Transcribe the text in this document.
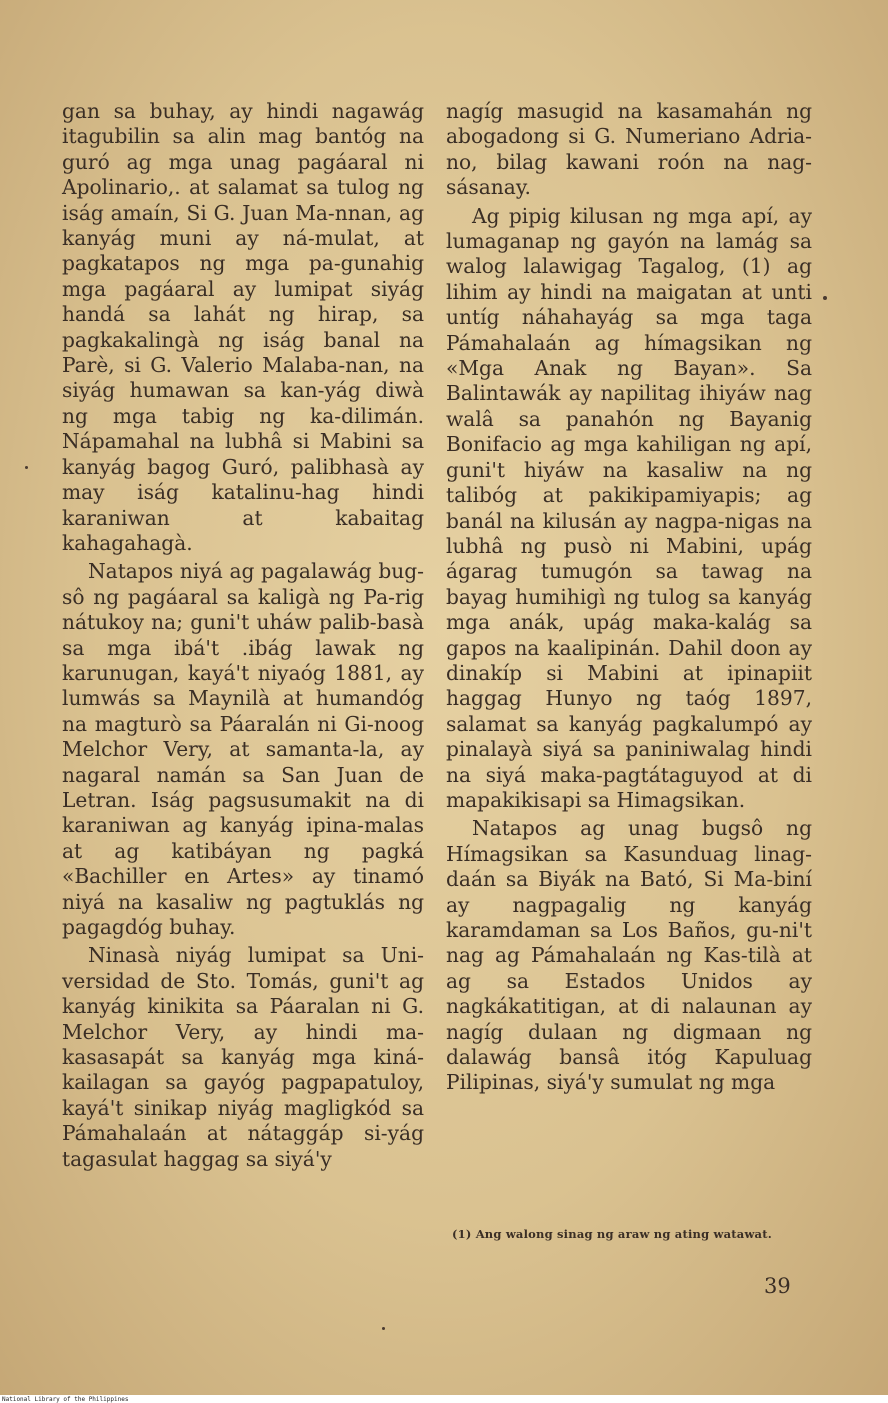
gan sa buhay, ay hindi nagawág itagubilin sa alin mag bantóg na guró ag mga unag pagáaral ni Apolinario,. at salamat sa tulog ng iság amaín, Si G. Juan Ma-nnan, ag kanyág muni ay ná-mulat, at pagkatapos ng mga pa-gunahig mga pagáaral ay lumipat siyág handá sa lahát ng hirap, sa pagkakalingà ng iság banal na Parè, si G. Valerio Malaba-nan, na siyág humawan sa kan-yág diwà ng mga tabig ng ka-dilimán. Nápamahal na lubhâ si Mabini sa kanyág bagog Guró, palibhasà ay may iság katalinu-hag hindi karaniwan at kabaitag kahagahagà.

Natapos niyá ag pagalawág bug-sô ng pagáaral sa kaligà ng Pa-rig nátukoy na; guni't uháw palib-basà sa mga ibá't .ibág lawak ng karunugan, kayá't niyaóg 1881, ay lumwás sa Maynilà at humandóg na magturò sa Páaralán ni Gi-noog Melchor Very, at samanta-la, ay nagaral namán sa San Juan de Letran. Iság pagsusumakit na di karaniwan ag kanyág ipina-malas at ag katibáyan ng pagká «Bachiller en Artes» ay tinamó niyá na kasaliw ng pagtuklás ng pagagdóg buhay.

Ninasà niyág lumipat sa Uni-versidad de Sto. Tomás, guni't ag kanyág kinikita sa Páaralan ni G. Melchor Very, ay hindi ma-kasasapát sa kanyág mga kiná-kailagan sa gayóg pagpapatuloy, kayá't sinikap niyág magligkód sa Pámahalaán at nátaggáp si-yág tagasulat haggag sa siyá'y

nagíg masugid na kasamahán ng abogadong si G. Numeriano Adria-no, bilag kawani roón na nag-sásanay.

Ag pipig kilusan ng mga apí, ay lumaganap ng gayón na lamág sa walog lalawigag Tagalog, (1) ag lihim ay hindi na maigatan at unti untíg náhahayág sa mga taga Pámahalaán ag hímagsikan ng «Mga Anak ng Bayan». Sa Balintawák ay napilitag ihiyáw nag walâ sa panahón ng Bayanig Bonifacio ag mga kahiligan ng apí, guni't hiyáw na kasaliw na ng talibóg at pakikipamiyapis; ag banál na kilusán ay nagpa-nigas na lubhâ ng pusò ni Mabini, upág ágarag tumugón sa tawag na bayag humihigì ng tulog sa kanyág mga anák, upág maka-kalág sa gapos na kaalipinán. Dahil doon ay dinakíp si Mabini at ipinapiit haggag Hunyo ng taóg 1897, salamat sa kanyág pagkalumpó ay pinalayà siyá sa paniniwalag hindi na siyá maka-pagtátaguyod at di mapakikisapi sa Himagsikan.

Natapos ag unag bugsô ng Hímagsikan sa Kasunduag linag-daán sa Biyák na Bató, Si Ma-biní ay nagpagalig ng kanyág karamdaman sa Los Baños, gu-ni't nag ag Pámahalaán ng Kas-tilà at ag sa Estados Unidos ay nagkákatitigan, at di nalaunan ay nagíg dulaan ng digmaan ng dalawág bansâ itóg Kapuluag Pilipinas, siyá'y sumulat ng mga

(1) Ang walong sinag ng araw ng ating watawat.
39
National Library of the Philippines
